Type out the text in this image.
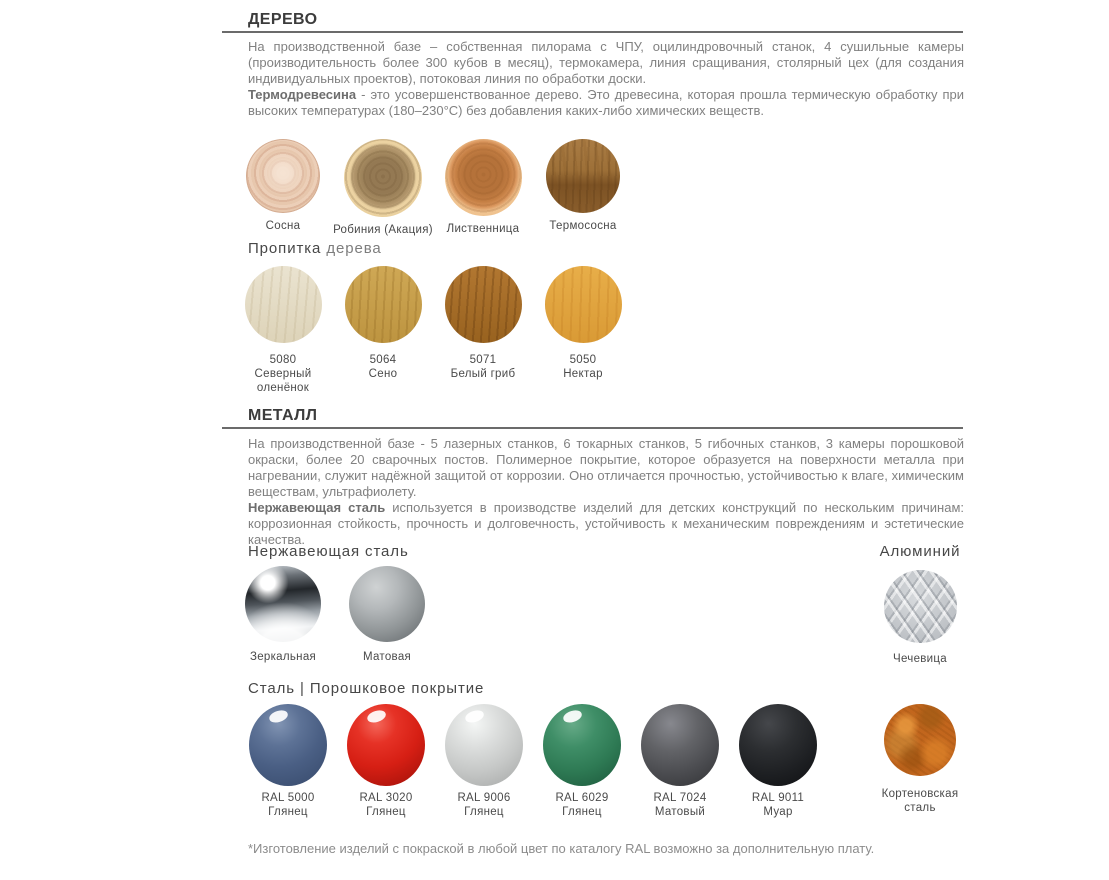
ДЕРЕВО

На производственной базе – собственная пилорама с ЧПУ, оцилиндровочный станок, 4 сушильные камеры (производительность более 300 кубов в месяц), термокамера, линия сращивания, столярный цех (для создания индивидуальных проектов), потоковая линия по обработки доски.

Термодревесина - это усовершенствованное дерево. Это древесина, которая прошла термическую обработку при высоких температурах (180–230°С) без добавления каких-либо химических веществ.

Сосна	Робиния (Акация)	Лиственница	Термососна
Пропитка дерева
5080
Северный оленёнок
5064
Сено
5071
Белый гриб
5050
Нектар
МЕТАЛЛ

На производственной базе - 5 лазерных станков, 6 токарных станков, 5 гибочных станков, 3 камеры порошковой окраски, более 20 сварочных постов. Полимерное покрытие, которое образуется на поверхности металла при нагревании, служит надёжной защитой от коррозии. Оно отличается прочностью, устойчивостью к влаге, химическим веществам, ультрафиолету.

Нержавеющая сталь используется в производстве изделий для детских конструкций по нескольким причинам: коррозионная стойкость, прочность и долговечность, устойчивость к механическим повреждениям и эстетические качества.

Нержавеющая сталь	Алюминий
Зеркальная	Матовая	Чечевица
Сталь | Порошковое покрытие
RAL 5000
Глянец
RAL 3020
Глянец
RAL 9006
Глянец
RAL 6029
Глянец
RAL 7024
Матовый
RAL 9011
Муар
Кортеновская сталь
*Изготовление изделий с покраской в любой цвет по каталогу RAL возможно за дополнительную плату.
